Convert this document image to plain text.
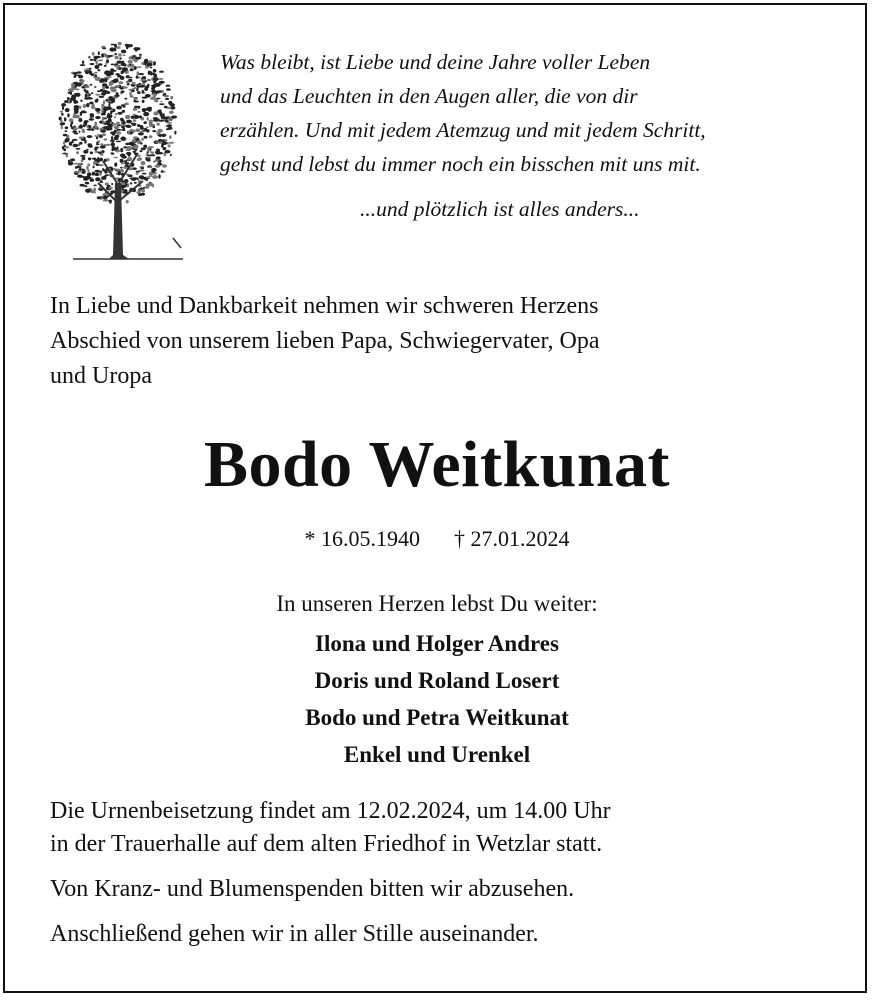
Was bleibt, ist Liebe und deine Jahre voller Leben
und das Leuchten in den Augen aller, die von dir
erzählen. Und mit jedem Atemzug und mit jedem Schritt,
gehst und lebst du immer noch ein bisschen mit uns mit.
...und plötzlich ist alles anders...
In Liebe und Dankbarkeit nehmen wir schweren Herzens
Abschied von unserem lieben Papa, Schwiegervater, Opa
und Uropa
Bodo Weitkunat
* 16.05.1940 † 27.01.2024
In unseren Herzen lebst Du weiter:
Ilona und Holger Andres
Doris und Roland Losert
Bodo und Petra Weitkunat
Enkel und Urenkel
Die Urnenbeisetzung findet am 12.02.2024, um 14.00 Uhr
in der Trauerhalle auf dem alten Friedhof in Wetzlar statt.
Von Kranz- und Blumenspenden bitten wir abzusehen.
Anschließend gehen wir in aller Stille auseinander.
